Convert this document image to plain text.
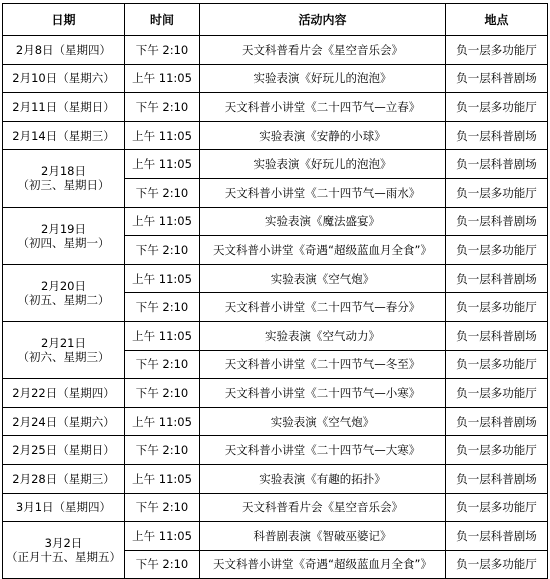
日期	时间	活动内容	地点

2月8日（星期四）	下午 2:10	天文科普看片会《星空音乐会》	负一层多功能厅

2月10日（星期六）	上午 11:05	实验表演《好玩儿的泡泡》	负一层科普剧场

2月11日（星期日）	下午 2:10	天文科普小讲堂《二十四节气—立春》	负一层多功能厅

2月14日（星期三）	上午 11:05	实验表演《安静的小球》	负一层科普剧场

2月18日
（初三、星期日）	上午 11:05	实验表演《好玩儿的泡泡》	负一层科普剧场
	下午 2:10	天文科普小讲堂《二十四节气—雨水》	负一层多功能厅

2月19日
（初四、星期一）	上午 11:05	实验表演《魔法盛宴》	负一层科普剧场
	下午 2:10	天文科普小讲堂《奇遇“超级蓝血月全食”》	负一层多功能厅

2月20日
（初五、星期二）	上午 11:05	实验表演《空气炮》	负一层科普剧场
	下午 2:10	天文科普小讲堂《二十四节气—春分》	负一层多功能厅

2月21日
（初六、星期三）	上午 11:05	实验表演《空气动力》	负一层科普剧场
	下午 2:10	天文科普小讲堂《二十四节气—冬至》	负一层多功能厅

2月22日（星期四）	下午 2:10	天文科普小讲堂《二十四节气—小寒》	负一层多功能厅

2月24日（星期六）	上午 11:05	实验表演《空气炮》	负一层科普剧场

2月25日（星期日）	下午 2:10	天文科普小讲堂《二十四节气—大寒》	负一层多功能厅

2月28日（星期三）	上午 11:05	实验表演《有趣的拓扑》	负一层科普剧场

3月1日（星期四）	下午 2:10	天文科普看片会《星空音乐会》	负一层多功能厅

3月2日
（正月十五、星期五）	上午 11:05	科普剧表演《智破巫婆记》	负一层科普剧场
	下午 2:10	天文科普小讲堂《奇遇“超级蓝血月全食”》	负一层多功能厅
